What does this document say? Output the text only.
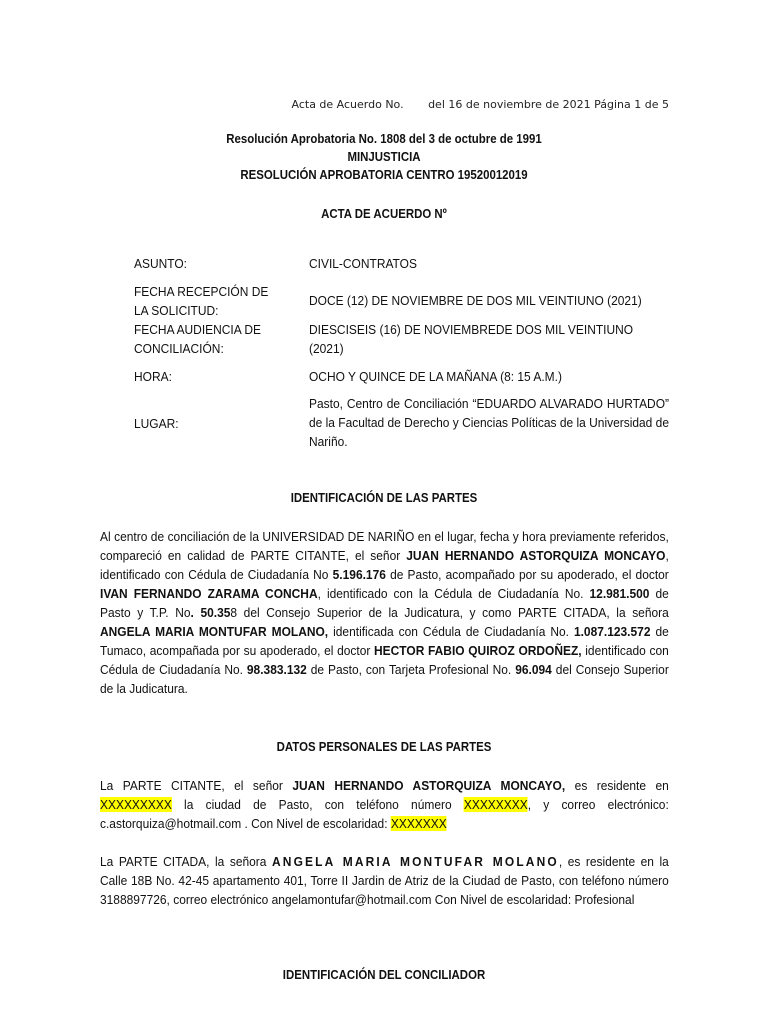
Acta de Acuerdo No.       del 16 de noviembre de 2021 Página 1 de 5
Resolución Aprobatoria No. 1808 del 3 de octubre de 1991
MINJUSTICIA
RESOLUCIÓN APROBATORIA CENTRO 19520012019
ACTA DE ACUERDO Nº
ASUNTO:	CIVIL-CONTRATOS
FECHA RECEPCIÓN DE LA SOLICITUD:
DOCE (12) DE NOVIEMBRE DE DOS MIL VEINTIUNO (2021)
FECHA AUDIENCIA DE CONCILIACIÓN:
DIESCISEIS (16) DE NOVIEMBREDE DOS MIL VEINTIUNO (2021)
HORA:	OCHO Y QUINCE DE LA MAÑANA (8: 15 A.M.)
LUGAR:
Pasto, Centro de Conciliación “EDUARDO ALVARADO HURTADO” de la Facultad de Derecho y Ciencias Políticas de la Universidad de Nariño.
IDENTIFICACIÓN DE LAS PARTES
Al centro de conciliación de la UNIVERSIDAD DE NARIÑO en el lugar, fecha y hora previamente referidos, compareció en calidad de PARTE CITANTE, el señor JUAN HERNANDO ASTORQUIZA MONCAYO, identificado con Cédula de Ciudadanía No 5.196.176 de Pasto, acompañado por su apoderado, el doctor IVAN FERNANDO ZARAMA CONCHA, identificado con la Cédula de Ciudadanía No. 12.981.500 de Pasto y T.P. No. 50.358 del Consejo Superior de la Judicatura, y como PARTE CITADA, la señora ANGELA MARIA MONTUFAR MOLANO, identificada con Cédula de Ciudadanía No. 1.087.123.572 de Tumaco, acompañada por su apoderado, el doctor HECTOR FABIO QUIROZ ORDOÑEZ, identificado con Cédula de Ciudadanía No. 98.383.132 de Pasto, con Tarjeta Profesional No. 96.094 del Consejo Superior de la Judicatura.
DATOS PERSONALES DE LAS PARTES
La PARTE CITANTE, el señor JUAN HERNANDO ASTORQUIZA MONCAYO, es residente en XXXXXXXXX la ciudad de Pasto, con teléfono número XXXXXXXX, y correo electrónico: c.astorquiza@hotmail.com . Con Nivel de escolaridad: XXXXXXX
La PARTE CITADA, la señora ANGELA MARIA MONTUFAR MOLANO, es residente en la Calle 18B No. 42-45 apartamento 401, Torre II Jardin de Atriz de la Ciudad de Pasto, con teléfono número 3188897726, correo electrónico angelamontufar@hotmail.com Con Nivel de escolaridad: Profesional
IDENTIFICACIÓN DEL CONCILIADOR
